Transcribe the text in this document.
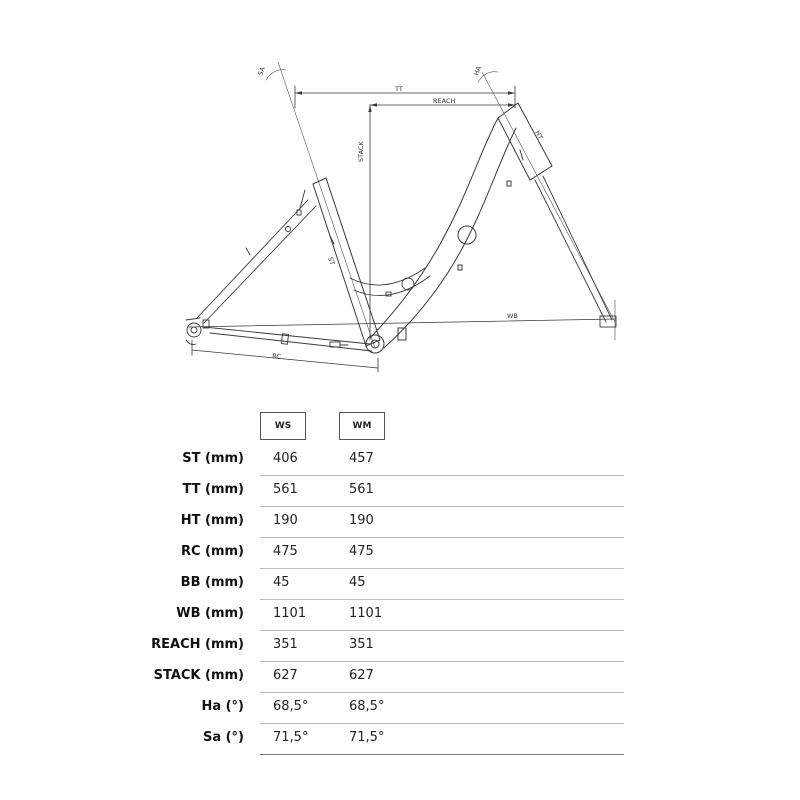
TT
REACH
STACK
ST
HT
WB
RC
SA	HA
WS	WM
ST (mm) 406	457
TT (mm) 561	561
HT (mm) 190	190
RC (mm) 475	475
BB (mm) 45	45
WB (mm) 1101	1101
REACH (mm) 351	351
STACK (mm) 627	627
Ha (°) 68,5°	68,5°
Sa (°) 71,5°	71,5°
